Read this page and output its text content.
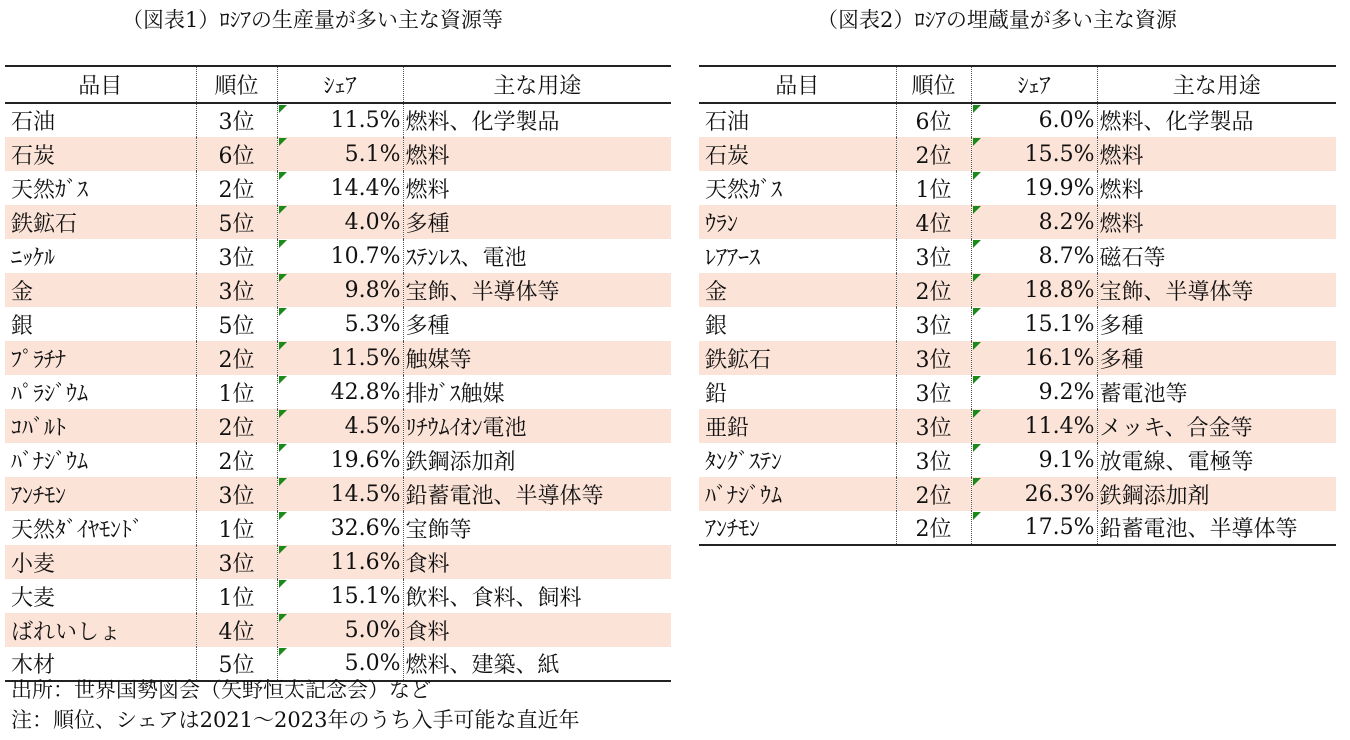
（図表1）ﾛｼｱの生産量が多い主な資源等	（図表2）ﾛｼｱの埋蔵量が多い主な資源
品目	順位	ｼｪｱ	主な用途
石油	3位	11.5%	燃料、化学製品
石炭	6位	5.1%	燃料
天然ｶﾞｽ	2位	14.4%	燃料
鉄鉱石	5位	4.0%	多種
ﾆｯｹﾙ	3位	10.7%	ｽﾃﾝﾚｽ、電池
金	3位	9.8%	宝飾、半導体等
銀	5位	5.3%	多種
ﾌﾟﾗﾁﾅ	2位	11.5%	触媒等
ﾊﾟﾗｼﾞｳﾑ	1位	42.8%	排ｶﾞｽ触媒
ｺﾊﾞﾙﾄ	2位	4.5%	ﾘﾁｳﾑｲｵﾝ電池
ﾊﾞﾅｼﾞｳﾑ	2位	19.6%	鉄鋼添加剤
ｱﾝﾁﾓﾝ	3位	14.5%	鉛蓄電池、半導体等
天然ﾀﾞｲﾔﾓﾝﾄﾞ	1位	32.6%	宝飾等
小麦	3位	11.6%	食料
大麦	1位	15.1%	飲料、食料、飼料
ばれいしょ	4位	5.0%	食料
木材	5位	5.0%	燃料、建築、紙
品目	順位	ｼｪｱ	主な用途
石油	6位	6.0%	燃料、化学製品
石炭	2位	15.5%	燃料
天然ｶﾞｽ	1位	19.9%	燃料
ｳﾗﾝ	4位	8.2%	燃料
ﾚｱｱｰｽ	3位	8.7%	磁石等
金	2位	18.8%	宝飾、半導体等
銀	3位	15.1%	多種
鉄鉱石	3位	16.1%	多種
鉛	3位	9.2%	蓄電池等
亜鉛	3位	11.4%	メッキ、合金等
ﾀﾝｸﾞｽﾃﾝ	3位	9.1%	放電線、電極等
ﾊﾞﾅｼﾞｳﾑ	2位	26.3%	鉄鋼添加剤
ｱﾝﾁﾓﾝ	2位	17.5%	鉛蓄電池、半導体等
出所：世界国勢図会（矢野恒太記念会）など
注：順位、シェアは2021～2023年のうち入手可能な直近年
